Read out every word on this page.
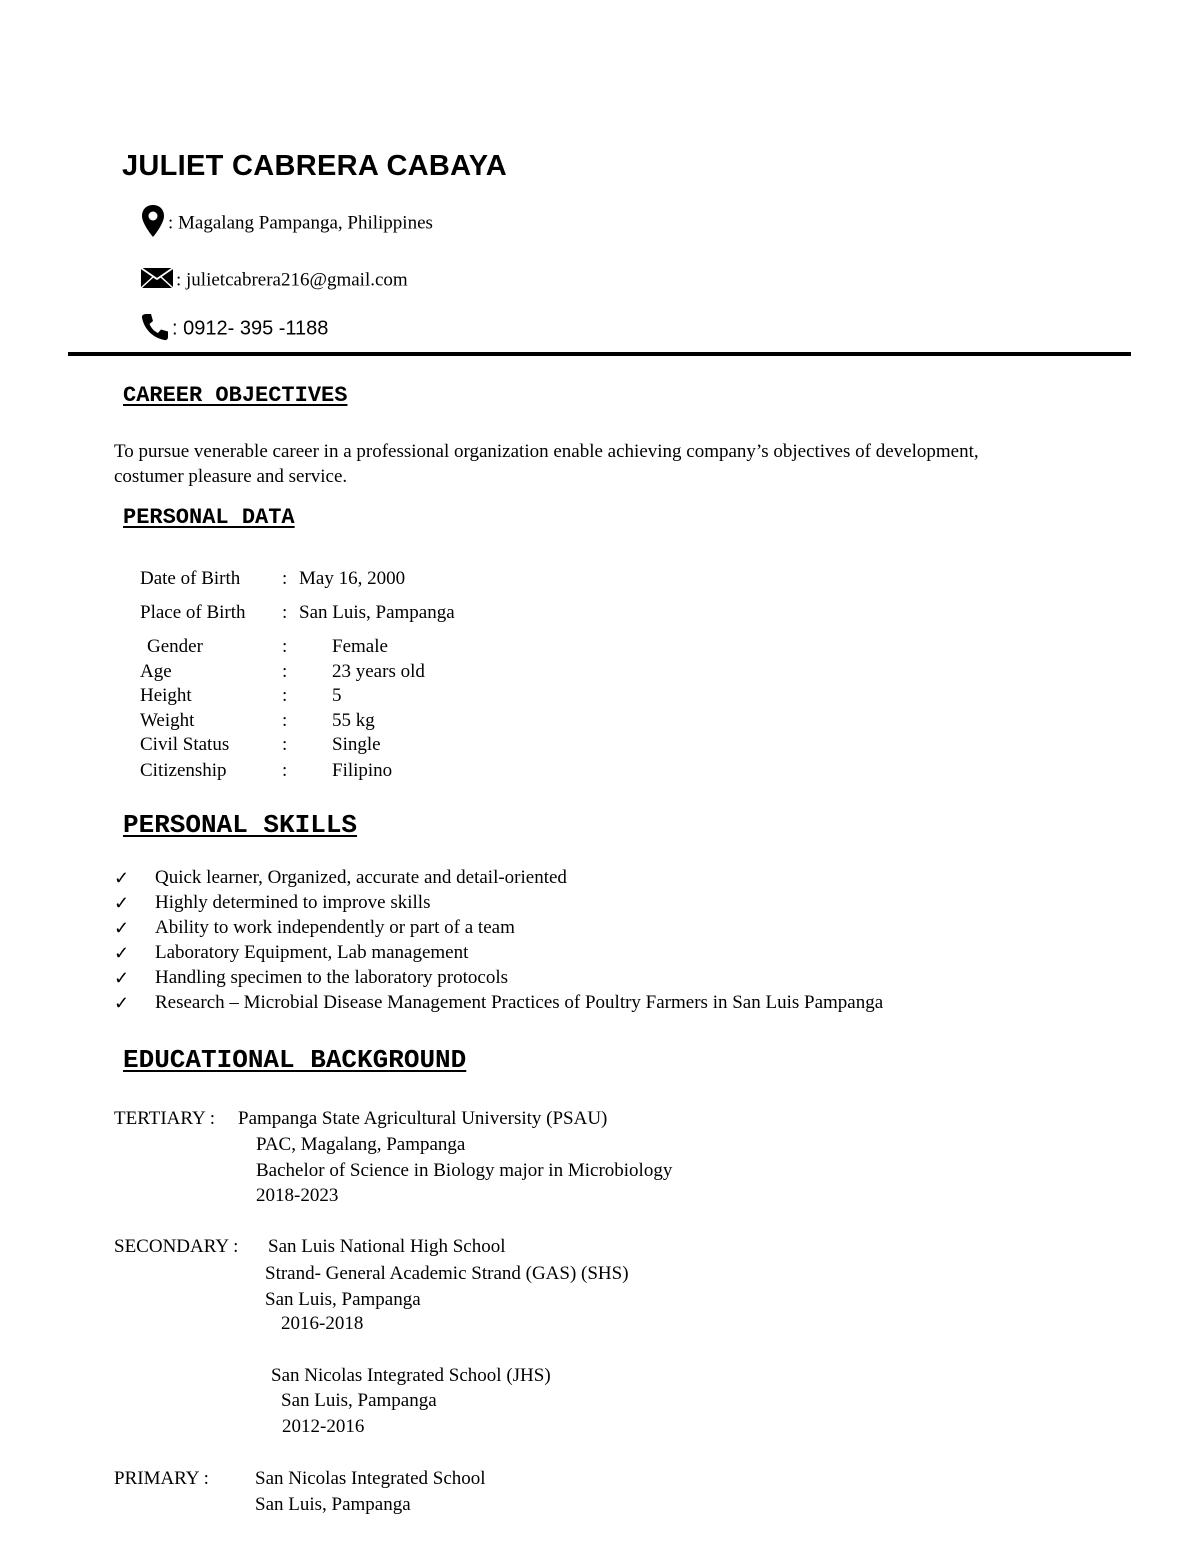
JULIET CABRERA CABAYA
: Magalang Pampanga, Philippines
: julietcabrera216@gmail.com
: 0912- 395 -1188
CAREER OBJECTIVES
To pursue venerable career in a professional organization enable achieving company’s objectives of development,
costumer pleasure and service.
PERSONAL DATA
Date of Birth : May 16, 2000
Place of Birth : San Luis, Pampanga
Gender	: Female
Age	: 23 years old
Height	: 5
Weight	: 55 kg
Civil Status	: Single
Citizenship	: Filipino
PERSONAL SKILLS
✓ Quick learner, Organized, accurate and detail-oriented
✓ Highly determined to improve skills
✓ Ability to work independently or part of a team
✓ Laboratory Equipment, Lab management
✓ Handling specimen to the laboratory protocols
✓ Research – Microbial Disease Management Practices of Poultry Farmers in San Luis Pampanga
EDUCATIONAL BACKGROUND
TERTIARY : Pampanga State Agricultural University (PSAU)
PAC, Magalang, Pampanga
Bachelor of Science in Biology major in Microbiology
2018-2023
SECONDARY : San Luis National High School
Strand- General Academic Strand (GAS) (SHS)
San Luis, Pampanga
2016-2018
San Nicolas Integrated School (JHS)
San Luis, Pampanga
2012-2016
PRIMARY : San Nicolas Integrated School
San Luis, Pampanga
